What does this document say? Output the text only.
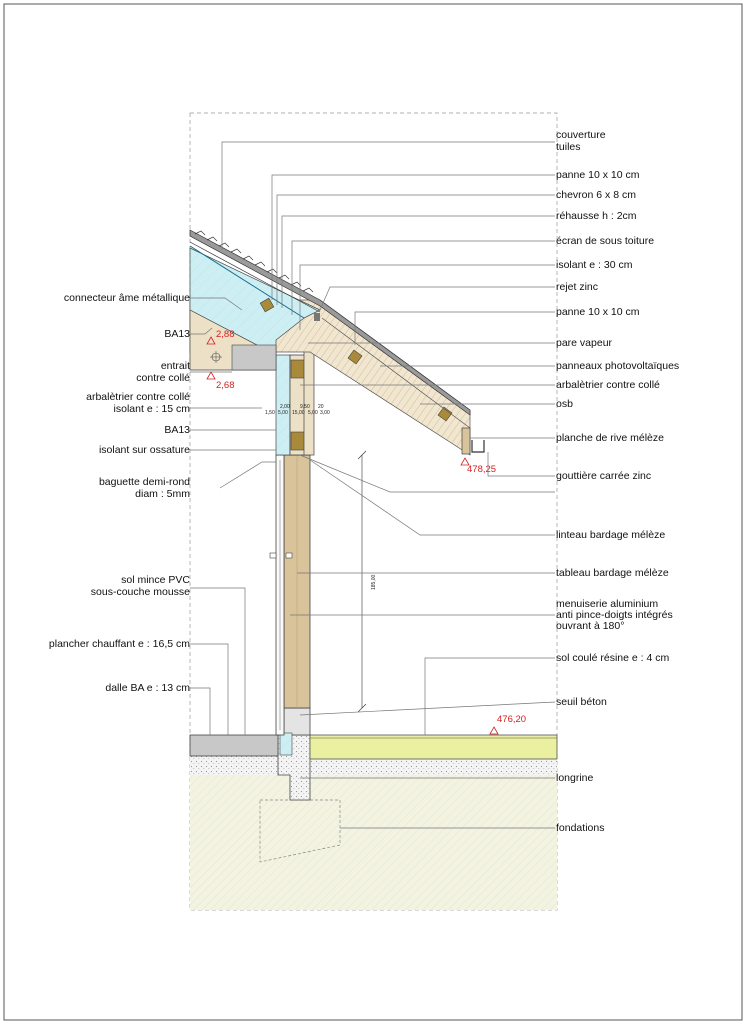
185,00
2,00 9,50 20
1,50 5,00 15,00 5,00 3,00
2,88
2,68
478,25
476,20
couverture tuiles
panne 10 x 10 cm
chevron 6 x 8 cm
réhausse h : 2cm
écran de sous toiture
isolant e : 30 cm
rejet zinc
panne 10 x 10 cm
pare vapeur
panneaux photovoltaïques
arbalètrier contre collé
osb
planche de rive mélèze
gouttière carrée zinc
linteau bardage mélèze
tableau bardage mélèze
menuiserie aluminium anti pince-doigts intégrés ouvrant à 180°
sol coulé résine e : 4 cm
seuil béton
longrine
fondations
connecteur âme métallique
BA13
entrait contre collé
arbalètrier contre collé isolant e : 15 cm
BA13
isolant sur ossature
baguette demi-rond diam : 5mm
sol mince PVC sous-couche mousse
plancher chauffant e : 16,5 cm
dalle BA e : 13 cm
